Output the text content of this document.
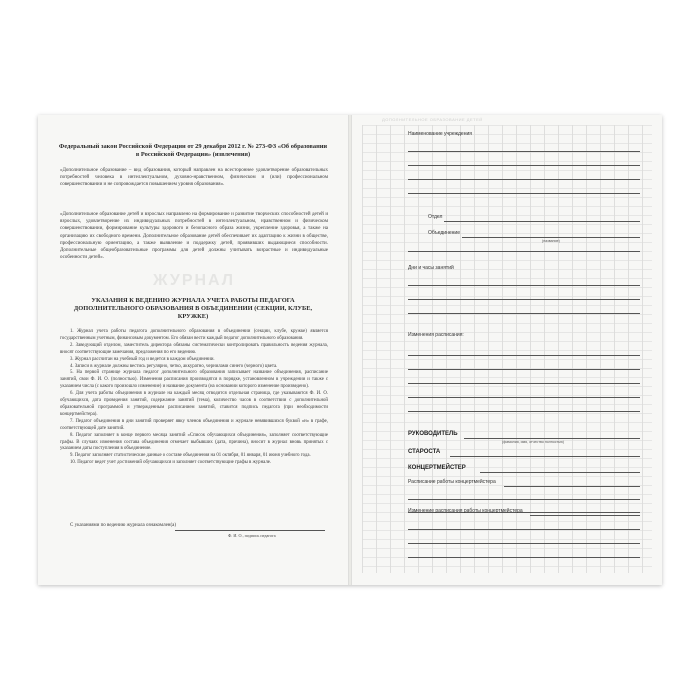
Федеральный закон Российской Федерации от 29 декабря 2012 г. № 273-ФЗ «Об образовании в Российской Федерации» (извлечения)
«Дополнительное образование – вид образования, который направлен на всестороннее удовлетворение образовательных потребностей человека в интеллектуальном, духовно-нравственном, физическом и (или) профессиональном совершенствовании и не сопровождается повышением уровня образования».
«Дополнительное образование детей и взрослых направлено на формирование и развитие творческих способностей детей и взрослых, удовлетворение их индивидуальных потребностей в интеллектуальном, нравственном и физическом совершенствовании, формирование культуры здорового и безопасного образа жизни, укрепление здоровья, а также на организацию их свободного времени. Дополнительное образование детей обеспечивает их адаптацию к жизни в обществе, профессиональную ориентацию, а также выявление и поддержку детей, проявивших выдающиеся способности. Дополнительные общеобразовательные программы для детей должны учитывать возрастные и индивидуальные особенности детей».
ЖУРНАЛ
УКАЗАНИЯ К ВЕДЕНИЮ ЖУРНАЛА УЧЕТА РАБОТЫ ПЕДАГОГА ДОПОЛНИТЕЛЬНОГО ОБРАЗОВАНИЯ В ОБЪЕДИНЕНИИ (СЕКЦИИ, КЛУБЕ, КРУЖКЕ)
1. Журнал учета работы педагога дополнительного образования в объединении (секции, клубе, кружке) является государственным учетным, финансовым документом. Его обязан вести каждый педагог дополнительного образования.
2. Заведующий отделом, заместитель директора обязаны систематически контролировать правильность ведения журнала, вносят соответствующие замечания, предложения по его ведению.
3. Журнал рассчитан на учебный год и ведется в каждом объединении.
4. Записи в журнале должны вестись регулярно, четко, аккуратно, чернилами синего (черного) цвета.
5. На первой странице журнала педагог дополнительного образования записывает название объединения, расписание занятий, свои Ф. И. О. (полностью). Изменения расписания производятся в порядке, установленном в учреждении и также с указанием числа (с какого произошло изменение) и название документа (на основании которого изменение произведено).
6. Для учета работы объединения в журнале на каждый месяц отводится отдельная страница, где указываются Ф. И. О. обучающихся, дата проведения занятий, содержание занятий (тема), количество часов в соответствии с дополнительной образовательной программой и утвержденным расписанием занятий, ставится подпись педагога (при необходимости концертмейстера).
7. Педагог объединения в дни занятий проверяет явку членов объединения и журнале невявившихся буквой «н» в графе, соответствующей дате занятий.
8. Педагог заполняет в конце первого месяца занятий «Список обучающихся объединения», заполняет соответствующие графы. В случаях изменения состава объединения отмечает выбывших (дата, причина), вносит в журнал вновь принятых с указанием даты поступления в объединение.
9. Педагог заполняет статистические данные о составе объединения на 01 октября, 01 января, 01 июня учебного года.
10. Педагог ведет учет достижений обучающихся и заполняет соответствующие графы в журнале.
С указаниями по ведению журнала ознакомлен(а)
Ф. И. О., подпись педагога
ДОПОЛНИТЕЛЬНОЕ ОБРАЗОВАНИЕ ДЕТЕЙ
Наименование учреждения
Отдел
Объединение
(название)
Дни и часы занятий
Изменения расписания:
РУКОВОДИТЕЛЬ
(фамилия, имя, отчество полностью)
СТАРОСТА
КОНЦЕРТМЕЙСТЕР
Расписание работы концертмейстера
Изменение расписания работы концертмейстера
